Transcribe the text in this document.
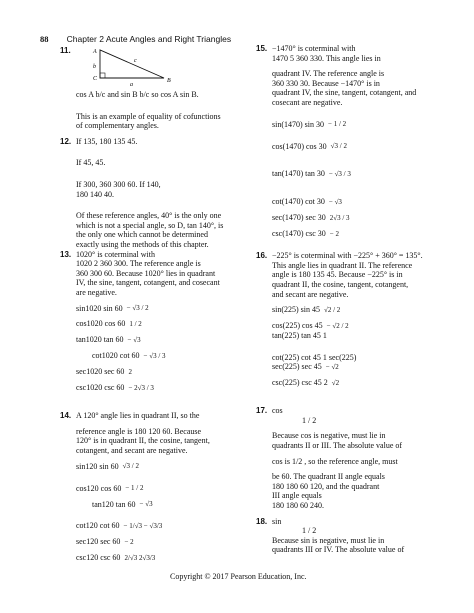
88 Chapter 2 Acute Angles and Right Triangles
11.	A
b
C
c
a
B
cos A b/c and sin B b/c so cos A sin B.
This is an example of equality of cofunctions
of complementary angles.
12. If 135, 180 135 45.
If 45, 45.
If 300, 360 300 60. If 140,
180 140 40.
Of these reference angles, 40° is the only one
which is not a special angle, so D, tan 140°, is
the only one which cannot be determined
exactly using the methods of this chapter.
13. 1020° is coterminal with
1020 2 360 300. The reference angle is
360 300 60. Because 1020° lies in quadrant
IV, the sine, tangent, cotangent, and cosecant
are negative.
sin1020 sin 60 − √3 / 2
cos1020 cos 60 1 / 2
tan1020 tan 60 − √3
cot1020 cot 60 − √3 / 3
sec1020 sec 60 2
csc1020 csc 60 − 2√3 / 3
14. A 120° angle lies in quadrant II, so the
reference angle is 180 120 60. Because
120° is in quadrant II, the cosine, tangent,
cotangent, and secant are negative.
sin120 sin 60 √3 / 2
cos120 cos 60 − 1 / 2
tan120 tan 60 − √3
cot120 cot 60 − 1/√3 − √3/3
sec120 sec 60 − 2
csc120 csc 60 2/√3 2√3/3
15. −1470° is coterminal with
1470 5 360 330. This angle lies in
quadrant IV. The reference angle is
360 330 30. Because −1470° is in
quadrant IV, the sine, tangent, cotangent, and
cosecant are negative.
sin(1470) sin 30 − 1 / 2
cos(1470) cos 30 √3 / 2
tan(1470) tan 30 − √3 / 3
cot(1470) cot 30 − √3
sec(1470) sec 30 2√3 / 3
csc(1470) csc 30 − 2
16. −225° is coterminal with −225° + 360° = 135°.
This angle lies in quadrant II. The reference
angle is 180 135 45. Because −225° is in
quadrant II, the cosine, tangent, cotangent,
and secant are negative.
sin(225) sin 45 √2 / 2
cos(225) cos 45 − √2 / 2
tan(225) tan 45 1
cot(225) cot 45 1 sec(225)
sec(225) sec 45 − √2
csc(225) csc 45 2 √2
17. cos
1 / 2
Because cos is negative, must lie in
quadrants II or III. The absolute value of
cos is 1/2 , so the reference angle, must
be 60. The quadrant II angle equals
180 180 60 120, and the quadrant
III angle equals
180 180 60 240.
18. sin
1 / 2
Because sin is negative, must lie in
quadrants III or IV. The absolute value of
Copyright © 2017 Pearson Education, Inc.
